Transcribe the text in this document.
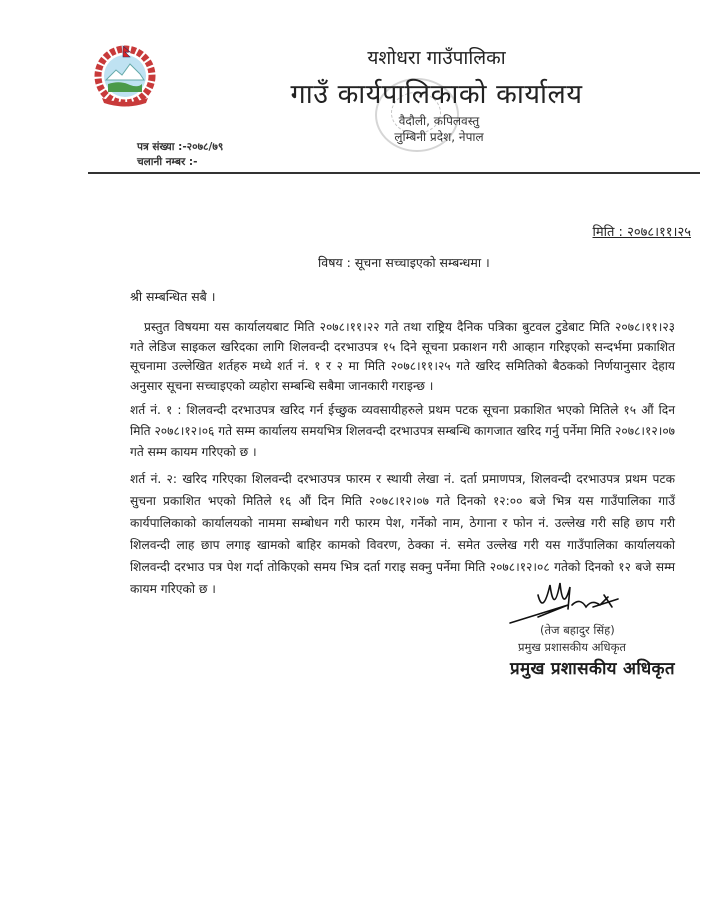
यशोधरा गाउँपालिका
गाउँ कार्यपालिकाको कार्यालय
वैदौली, कपिलवस्तु
लुम्बिनी प्रदेश, नेपाल
पत्र संख्या :-२०७८/७९
चलानी नम्बर :-
मिति : २०७८।११।२५
विषय : सूचना सच्चाइएको सम्बन्धमा ।
श्री सम्बन्धित सबै ।
प्रस्तुत विषयमा यस कार्यालयबाट मिति २०७८।११।२२ गते तथा राष्ट्रिय दैनिक पत्रिका बुटवल टुडेबाट मिति २०७८।११।२३ गते लेडिज साइकल खरिदका लागि शिलवन्दी दरभाउपत्र १५ दिने सूचना प्रकाशन गरी आव्हान गरिइएको सन्दर्भमा प्रकाशित सूचनामा उल्लेखित शर्तहरु मध्ये शर्त नं. १ र २ मा मिति २०७८।११।२५ गते खरिद समितिको बैठकको निर्णयानुसार देहाय अनुसार सूचना सच्चाइएको व्यहोरा सम्बन्धि सबैमा जानकारी गराइन्छ ।
शर्त नं. १ : शिलवन्दी दरभाउपत्र खरिद गर्न ईच्छुक व्यवसायीहरुले प्रथम पटक सूचना प्रकाशित भएको मितिले १५ औं दिन मिति २०७८।१२।०६ गते सम्म कार्यालय समयभित्र शिलवन्दी दरभाउपत्र सम्बन्धि कागजात खरिद गर्नु पर्नेमा मिति २०७८।१२।०७ गते सम्म कायम गरिएको छ ।
शर्त नं. २: खरिद गरिएका शिलवन्दी दरभाउपत्र फारम र स्थायी लेखा नं. दर्ता प्रमाणपत्र, शिलवन्दी दरभाउपत्र प्रथम पटक सुचना प्रकाशित भएको मितिले १६ औं दिन मिति २०७८।१२।०७ गते दिनको १२:०० बजे भित्र यस गाउँपालिका गाउँ कार्यपालिकाको कार्यालयको नाममा सम्बोधन गरी फारम पेश, गर्नेको नाम, ठेगाना र फोन नं. उल्लेख गरी सहि छाप गरी शिलवन्दी लाह छाप लगाइ खामको बाहिर कामको विवरण, ठेक्का नं. समेत उल्लेख गरी यस गाउँपालिका कार्यालयको शिलवन्दी दरभाउ पत्र पेश गर्दा तोकिएको समय भित्र दर्ता गराइ सक्नु पर्नेमा मिति २०७८।१२।०८ गतेको दिनको १२ बजे सम्म कायम गरिएको छ ।
(तेज बहादुर सिंह)
प्रमुख प्रशासकीय अधिकृत
प्रमुख प्रशासकीय अधिकृत
